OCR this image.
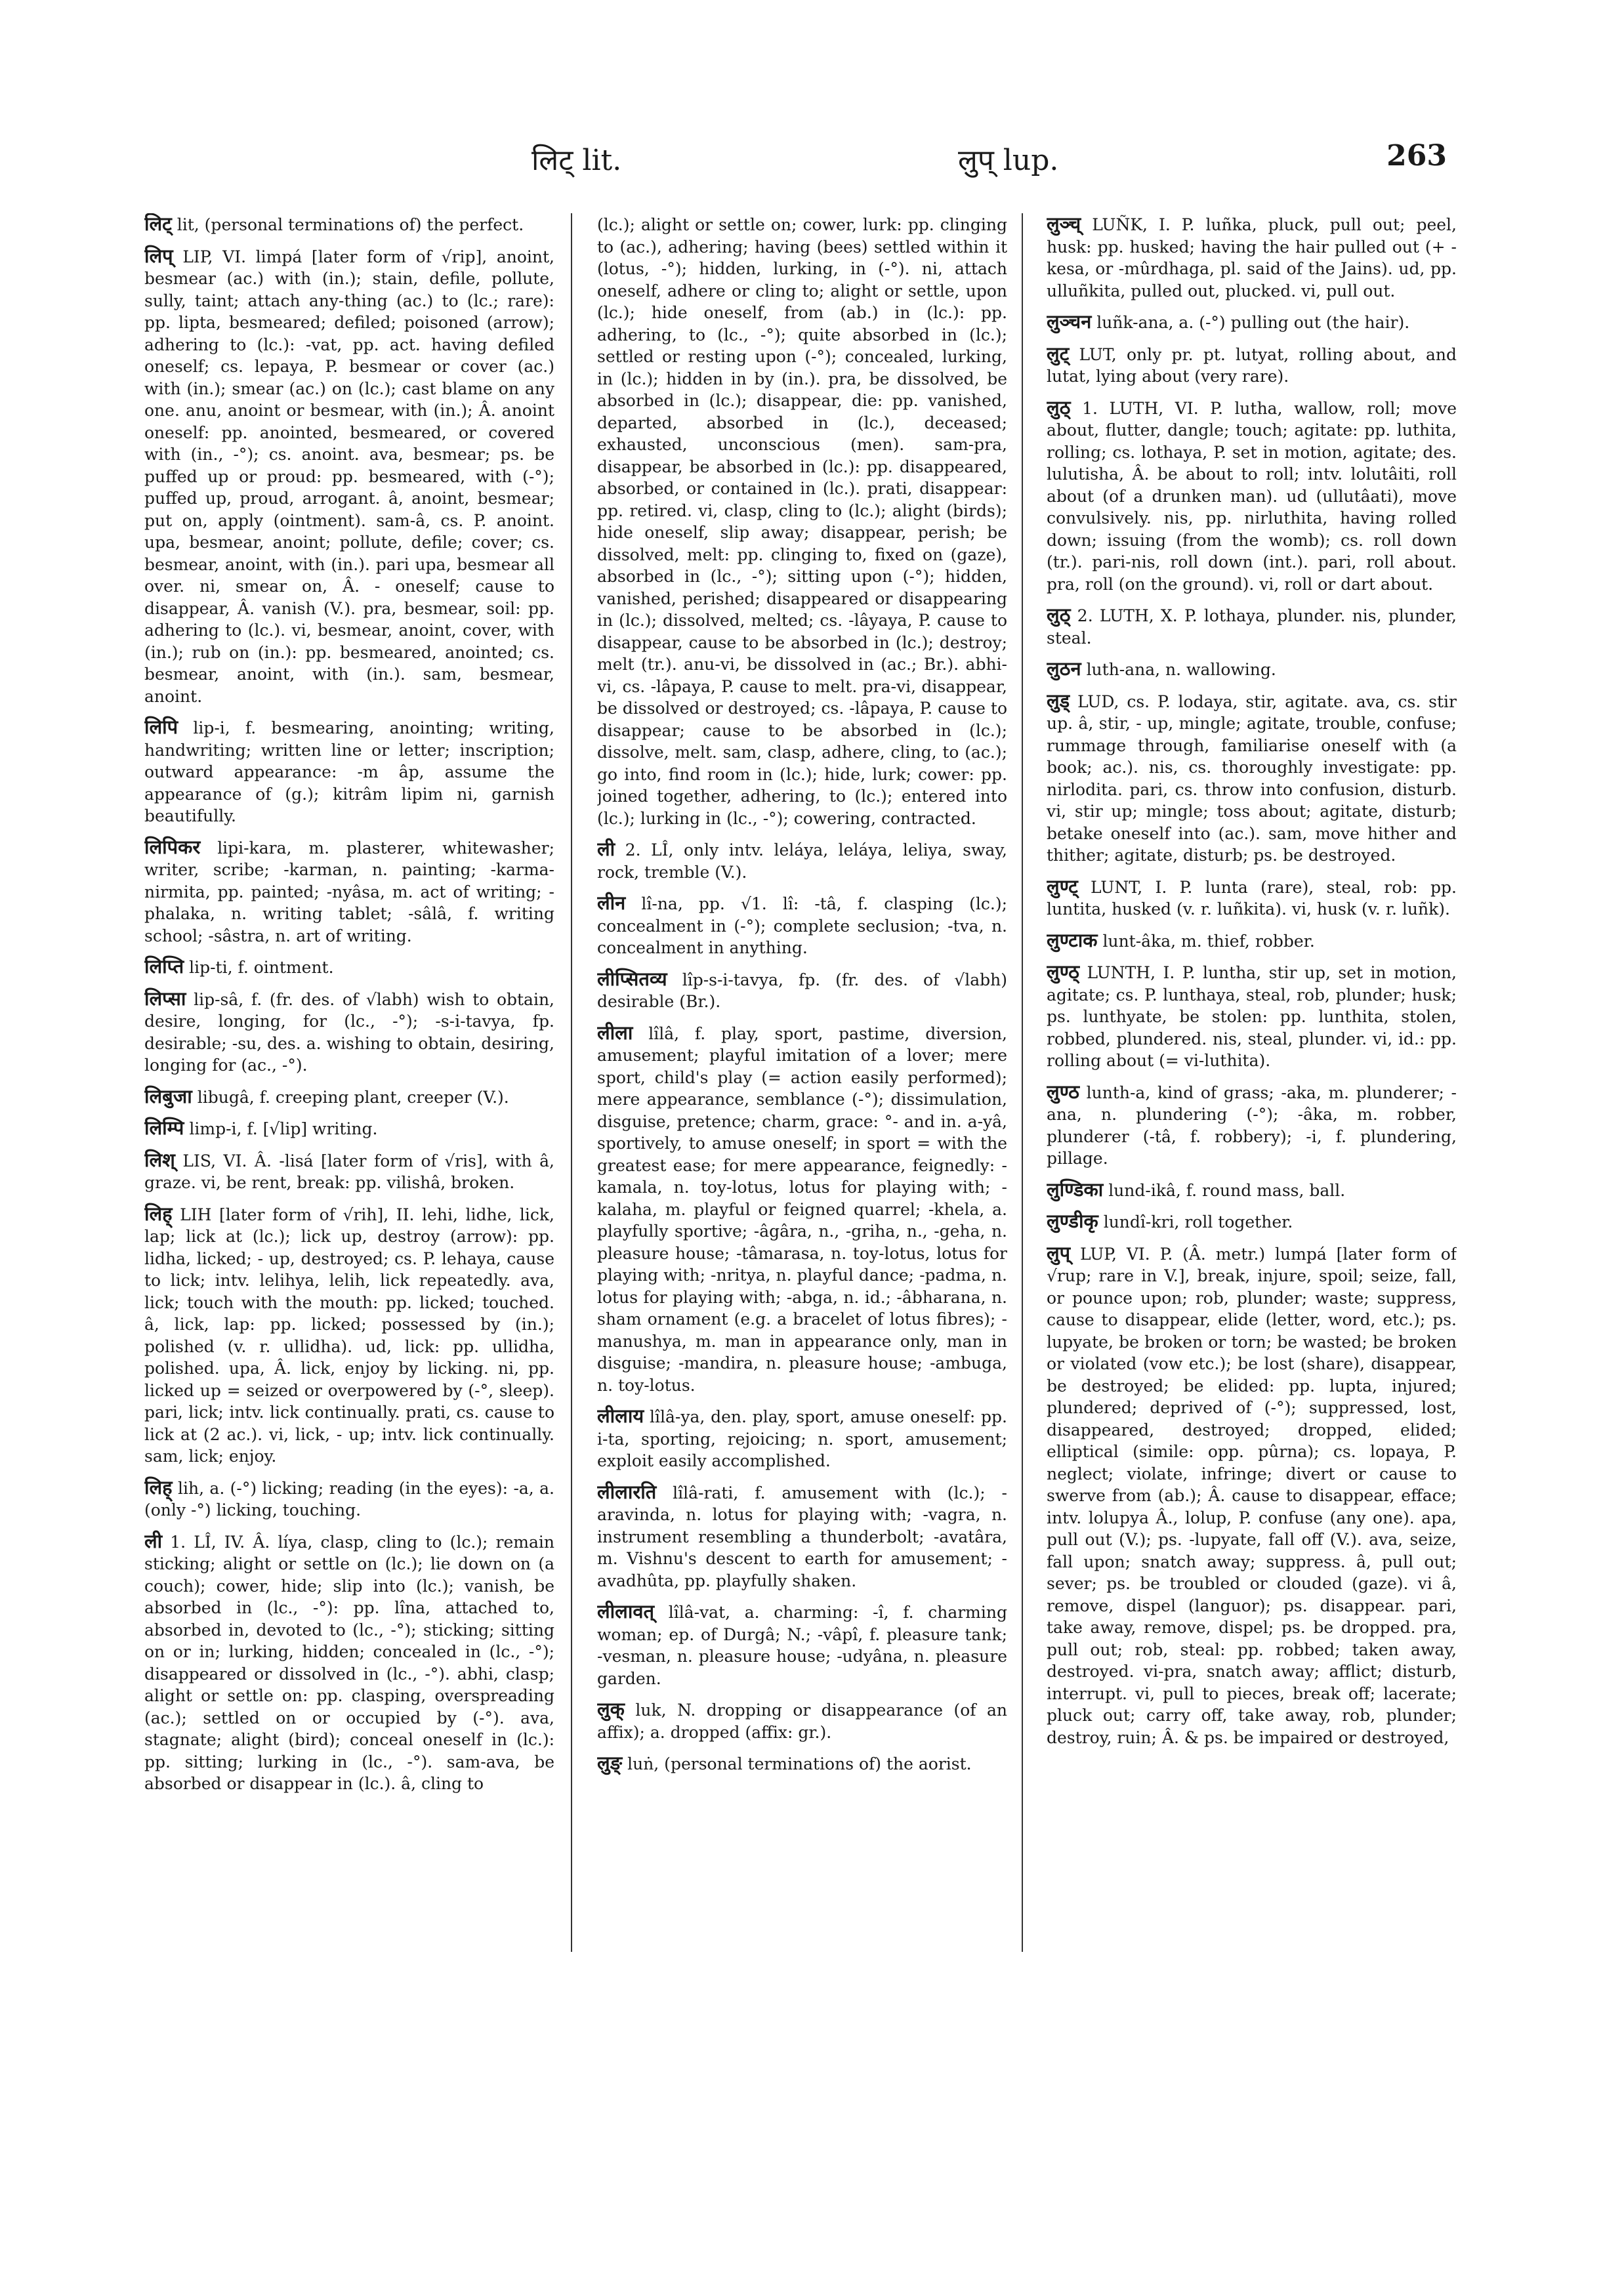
लिट् lit.	लुप् lup.	263

लिट् lit, (personal terminations of) the perfect.

लिप् LIP, VI. limpá [later form of √rip], anoint, besmear (ac.) with (in.); stain, defile, pollute, sully, taint; attach any-thing (ac.) to (lc.; rare): pp. lipta, besmeared; defiled; poisoned (arrow); adhering to (lc.): -vat, pp. act. having defiled oneself; cs. lepaya, P. besmear or cover (ac.) with (in.); smear (ac.) on (lc.); cast blame on any one. anu, anoint or besmear, with (in.); Â. anoint oneself: pp. anointed, besmeared, or covered with (in., -°); cs. anoint. ava, besmear; ps. be puffed up or proud: pp. besmeared, with (-°); puffed up, proud, arrogant. â, anoint, besmear; put on, apply (ointment). sam-â, cs. P. anoint. upa, besmear, anoint; pollute, defile; cover; cs. besmear, anoint, with (in.). pari upa, besmear all over. ni, smear on, Â. - oneself; cause to disappear, Â. vanish (V.). pra, besmear, soil: pp. adhering to (lc.). vi, besmear, anoint, cover, with (in.); rub on (in.): pp. besmeared, anointed; cs. besmear, anoint, with (in.). sam, besmear, anoint.

लिपि lip-i, f. besmearing, anointing; writing, handwriting; written line or letter; inscription; outward appearance: -m âp, assume the appearance of (g.); kitrâm lipim ni, garnish beautifully.

लिपिकर lipi-kara, m. plasterer, whitewasher; writer, scribe; -karman, n. painting; -karma-nirmita, pp. painted; -nyâsa, m. act of writing; -phalaka, n. writing tablet; -sâlâ, f. writing school; -sâstra, n. art of writing.

लिप्ति lip-ti, f. ointment.

लिप्सा lip-sâ, f. (fr. des. of √labh) wish to obtain, desire, longing, for (lc., -°); -s-i-tavya, fp. desirable; -su, des. a. wishing to obtain, desiring, longing for (ac., -°).

लिबुजा libugâ, f. creeping plant, creeper (V.).

लिम्पि limp-i, f. [√lip] writing.

लिश् LIS, VI. Â. -lisá [later form of √ris], with â, graze. vi, be rent, break: pp. vilishâ, broken.

लिह् LIH [later form of √rih], II. lehi, lidhe, lick, lap; lick at (lc.); lick up, destroy (arrow): pp. lidha, licked; - up, destroyed; cs. P. lehaya, cause to lick; intv. lelihya, lelih, lick repeatedly. ava, lick; touch with the mouth: pp. licked; touched. â, lick, lap: pp. licked; possessed by (in.); polished (v. r. ullidha). ud, lick: pp. ullidha, polished. upa, Â. lick, enjoy by licking. ni, pp. licked up = seized or overpowered by (-°, sleep). pari, lick; intv. lick continually. prati, cs. cause to lick at (2 ac.). vi, lick, - up; intv. lick continually. sam, lick; enjoy.

लिह् lih, a. (-°) licking; reading (in the eyes): -a, a. (only -°) licking, touching.

ली 1. LÎ, IV. Â. líya, clasp, cling to (lc.); remain sticking; alight or settle on (lc.); lie down on (a couch); cower, hide; slip into (lc.); vanish, be absorbed in (lc., -°): pp. lîna, attached to, absorbed in, devoted to (lc., -°); sticking; sitting on or in; lurking, hidden; concealed in (lc., -°); disappeared or dissolved in (lc., -°). abhi, clasp; alight or settle on: pp. clasping, overspreading (ac.); settled on or occupied by (-°). ava, stagnate; alight (bird); conceal oneself in (lc.): pp. sitting; lurking in (lc., -°). sam-ava, be absorbed or disappear in (lc.). â, cling to

(lc.); alight or settle on; cower, lurk: pp. clinging to (ac.), adhering; having (bees) settled within it (lotus, -°); hidden, lurking, in (-°). ni, attach oneself, adhere or cling to; alight or settle, upon (lc.); hide oneself, from (ab.) in (lc.): pp. adhering, to (lc., -°); quite absorbed in (lc.); settled or resting upon (-°); concealed, lurking, in (lc.); hidden in by (in.). pra, be dissolved, be absorbed in (lc.); disappear, die: pp. vanished, departed, absorbed in (lc.), deceased; exhausted, unconscious (men). sam-pra, disappear, be absorbed in (lc.): pp. disappeared, absorbed, or contained in (lc.). prati, disappear: pp. retired. vi, clasp, cling to (lc.); alight (birds); hide oneself, slip away; disappear, perish; be dissolved, melt: pp. clinging to, fixed on (gaze), absorbed in (lc., -°); sitting upon (-°); hidden, vanished, perished; disappeared or disappearing in (lc.); dissolved, melted; cs. -lâyaya, P. cause to disappear, cause to be absorbed in (lc.); destroy; melt (tr.). anu-vi, be dissolved in (ac.; Br.). abhi-vi, cs. -lâpaya, P. cause to melt. pra-vi, disappear, be dissolved or destroyed; cs. -lâpaya, P. cause to disappear; cause to be absorbed in (lc.); dissolve, melt. sam, clasp, adhere, cling, to (ac.); go into, find room in (lc.); hide, lurk; cower: pp. joined together, adhering, to (lc.); entered into (lc.); lurking in (lc., -°); cowering, contracted.

ली 2. LÎ, only intv. leláya, leláya, leliya, sway, rock, tremble (V.).

लीन lî-na, pp. √1. lî: -tâ, f. clasping (lc.); concealment in (-°); complete seclusion; -tva, n. concealment in anything.

लीप्सितव्य lîp-s-i-tavya, fp. (fr. des. of √labh) desirable (Br.).

लीला lîlâ, f. play, sport, pastime, diversion, amusement; playful imitation of a lover; mere sport, child's play (= action easily performed); mere appearance, semblance (-°); dissimulation, disguise, pretence; charm, grace: °- and in. a-yâ, sportively, to amuse oneself; in sport = with the greatest ease; for mere appearance, feignedly: -kamala, n. toy-lotus, lotus for playing with; -kalaha, m. playful or feigned quarrel; -khela, a. playfully sportive; -âgâra, n., -griha, n., -geha, n. pleasure house; -tâmarasa, n. toy-lotus, lotus for playing with; -nritya, n. playful dance; -padma, n. lotus for playing with; -abga, n. id.; -âbharana, n. sham ornament (e.g. a bracelet of lotus fibres); -manushya, m. man in appearance only, man in disguise; -mandira, n. pleasure house; -ambuga, n. toy-lotus.

लीलाय lîlâ-ya, den. play, sport, amuse oneself: pp. i-ta, sporting, rejoicing; n. sport, amusement; exploit easily accomplished.

लीलारति lîlâ-rati, f. amusement with (lc.); -aravinda, n. lotus for playing with; -vagra, n. instrument resembling a thunderbolt; -avatâra, m. Vishnu's descent to earth for amusement; -avadhûta, pp. playfully shaken.

लीलावत् lîlâ-vat, a. charming: -î, f. charming woman; ep. of Durgâ; N.; -vâpî, f. pleasure tank; -vesman, n. pleasure house; -udyâna, n. pleasure garden.

लुक् luk, N. dropping or disappearance (of an affix); a. dropped (affix: gr.).

लुङ् luṅ, (personal terminations of) the aorist.

लुञ्च् LUÑK, I. P. luñka, pluck, pull out; peel, husk: pp. husked; having the hair pulled out (+ -kesa, or -mûrdhaga, pl. said of the Jains). ud, pp. ulluñkita, pulled out, plucked. vi, pull out.

लुञ्चन luñk-ana, a. (-°) pulling out (the hair).

लुट् LUT, only pr. pt. lutyat, rolling about, and lutat, lying about (very rare).

लुठ् 1. LUTH, VI. P. lutha, wallow, roll; move about, flutter, dangle; touch; agitate: pp. luthita, rolling; cs. lothaya, P. set in motion, agitate; des. lulutisha, Â. be about to roll; intv. lolutâiti, roll about (of a drunken man). ud (ullutâati), move convulsively. nis, pp. nirluthita, having rolled down; issuing (from the womb); cs. roll down (tr.). pari-nis, roll down (int.). pari, roll about. pra, roll (on the ground). vi, roll or dart about.

लुठ् 2. LUTH, X. P. lothaya, plunder. nis, plunder, steal.

लुठन luth-ana, n. wallowing.

लुड् LUD, cs. P. lodaya, stir, agitate. ava, cs. stir up. â, stir, - up, mingle; agitate, trouble, confuse; rummage through, familiarise oneself with (a book; ac.). nis, cs. thoroughly investigate: pp. nirlodita. pari, cs. throw into confusion, disturb. vi, stir up; mingle; toss about; agitate, disturb; betake oneself into (ac.). sam, move hither and thither; agitate, disturb; ps. be destroyed.

लुण्ट् LUNT, I. P. lunta (rare), steal, rob: pp. luntita, husked (v. r. luñkita). vi, husk (v. r. luñk).

लुण्टाक lunt-âka, m. thief, robber.

लुण्ठ् LUNTH, I. P. luntha, stir up, set in motion, agitate; cs. P. lunthaya, steal, rob, plunder; husk; ps. lunthyate, be stolen: pp. lunthita, stolen, robbed, plundered. nis, steal, plunder. vi, id.: pp. rolling about (= vi-luthita).

लुण्ठ lunth-a, kind of grass; -aka, m. plunderer; -ana, n. plundering (-°); -âka, m. robber, plunderer (-tâ, f. robbery); -i, f. plundering, pillage.

लुण्डिका lund-ikâ, f. round mass, ball.

लुण्डीकृ lundî-kri, roll together.

लुप् LUP, VI. P. (Â. metr.) lumpá [later form of √rup; rare in V.], break, injure, spoil; seize, fall, or pounce upon; rob, plunder; waste; suppress, cause to disappear, elide (letter, word, etc.); ps. lupyate, be broken or torn; be wasted; be broken or violated (vow etc.); be lost (share), disappear, be destroyed; be elided: pp. lupta, injured; plundered; deprived of (-°); suppressed, lost, disappeared, destroyed; dropped, elided; elliptical (simile: opp. pûrna); cs. lopaya, P. neglect; violate, infringe; divert or cause to swerve from (ab.); Â. cause to disappear, efface; intv. lolupya Â., lolup, P. confuse (any one). apa, pull out (V.); ps. -lupyate, fall off (V.). ava, seize, fall upon; snatch away; suppress. â, pull out; sever; ps. be troubled or clouded (gaze). vi â, remove, dispel (languor); ps. disappear. pari, take away, remove, dispel; ps. be dropped. pra, pull out; rob, steal: pp. robbed; taken away, destroyed. vi-pra, snatch away; afflict; disturb, interrupt. vi, pull to pieces, break off; lacerate; pluck out; carry off, take away, rob, plunder; destroy, ruin; Â. & ps. be impaired or destroyed,
